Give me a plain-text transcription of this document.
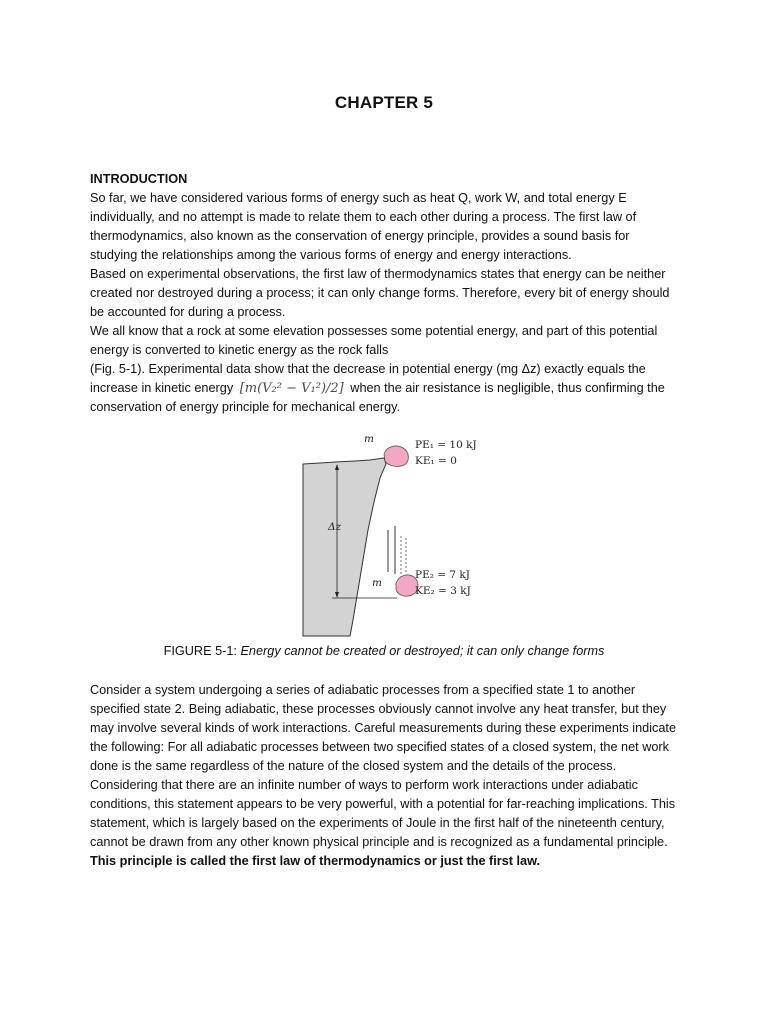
CHAPTER 5
INTRODUCTION
So far, we have considered various forms of energy such as heat Q, work W, and total energy E individually, and no attempt is made to relate them to each other during a process. The first law of thermodynamics, also known as the conservation of energy principle, provides a sound basis for studying the relationships among the various forms of energy and energy interactions.
Based on experimental observations, the first law of thermodynamics states that energy can be neither created nor destroyed during a process; it can only change forms. Therefore, every bit of energy should be accounted for during a process.
We all know that a rock at some elevation possesses some potential energy, and part of this potential energy is converted to kinetic energy as the rock falls
(Fig. 5-1). Experimental data show that the decrease in potential energy (mg Δz) exactly equals the increase in kinetic energy [m(V₂² − V₁²)/2] when the air resistance is negligible, thus confirming the conservation of energy principle for mechanical energy.
m	PE₁ = 10 kJ
KE₁ = 0
Δz
m
PE₂ = 7 kJ
KE₂ = 3 kJ
FIGURE 5-1: Energy cannot be created or destroyed; it can only change forms
Consider a system undergoing a series of adiabatic processes from a specified state 1 to another specified state 2. Being adiabatic, these processes obviously cannot involve any heat transfer, but they may involve several kinds of work interactions. Careful measurements during these experiments indicate the following: For all adiabatic processes between two specified states of a closed system, the net work done is the same regardless of the nature of the closed system and the details of the process. Considering that there are an infinite number of ways to perform work interactions under adiabatic conditions, this statement appears to be very powerful, with a potential for far-reaching implications. This statement, which is largely based on the experiments of Joule in the first half of the nineteenth century, cannot be drawn from any other known physical principle and is recognized as a fundamental principle. This principle is called the first law of thermodynamics or just the first law.
